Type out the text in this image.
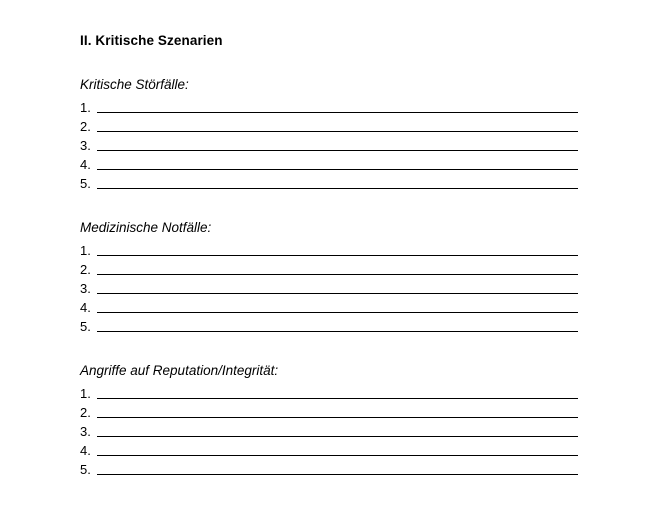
II. Kritische Szenarien
Kritische Störfälle:
1.
2.
3.
4.
5.
Medizinische Notfälle:
1.
2.
3.
4.
5.
Angriffe auf Reputation/Integrität:
1.
2.
3.
4.
5.
